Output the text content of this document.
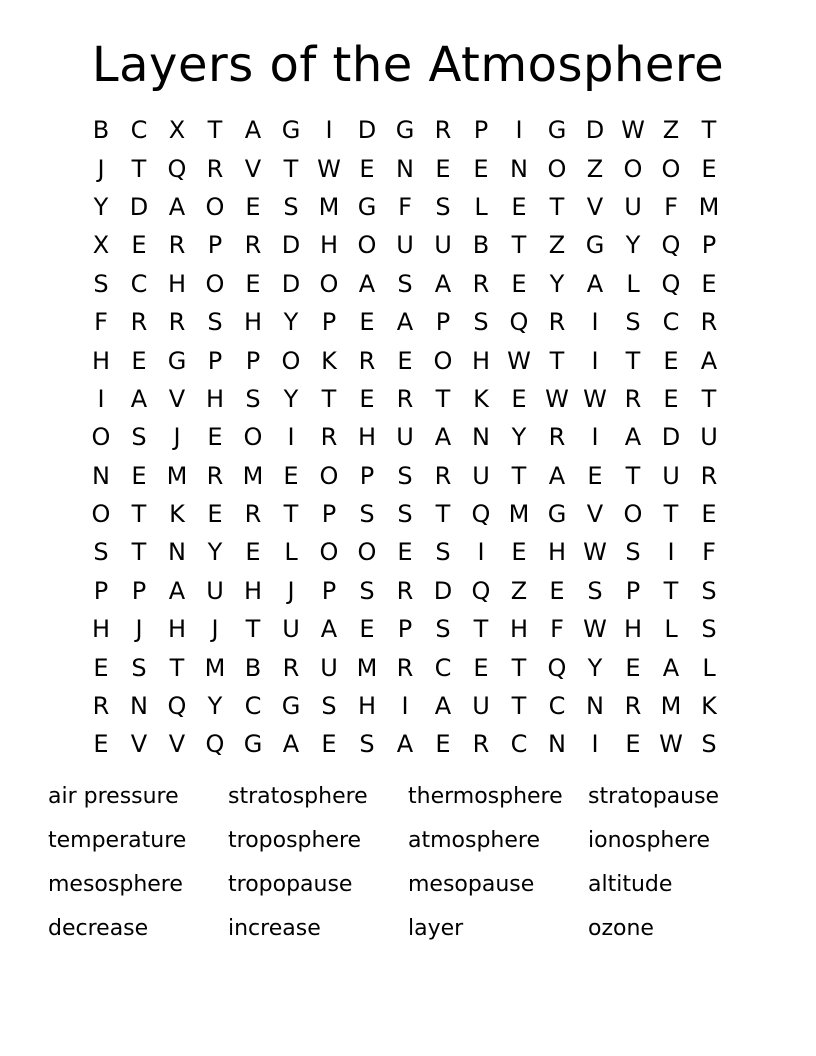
Layers of the Atmosphere
B C X T A G	I	D G R P	I	G D W Z T
J	T Q R V T W E N E E N O Z O O E
Y D A O E S M G F S L E T V U F M
X E R P R D H O U U B T Z G Y Q P
S C H O E D O A S A R E Y A L Q E
F R R S H Y P E A P S Q R	I	S C R
H E G P P O K R E O H W T	I	T E A
I	A V H S Y T E R T K E W W R E T
O S	J	E O	I	R H U A N Y R	I	A D U
N E M R M E O P S R U T A E T U R
O T K E R T P S S T Q M G V O T E
S T N Y E L O O E S	I	E H W S	I	F
P P A U H	J	P S R D Q Z E S P T S
H	J	H	J	T U A E P S T H F W H L S
E S T M B R U M R C E T Q Y E A L
R N Q Y C G S H	I	A U T C N R M K
E V V Q G A E S A E R C N	I	E W S
air pressure	stratosphere	thermosphere	stratopause
temperature	troposphere	atmosphere	ionosphere
mesosphere	tropopause	mesopause	altitude
decrease	increase	layer	ozone
